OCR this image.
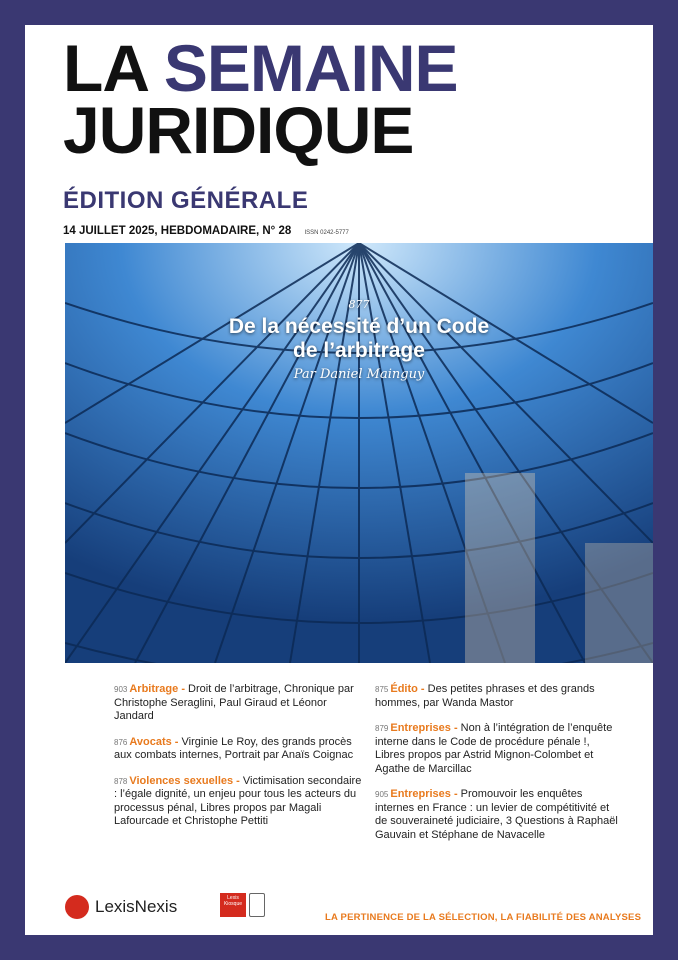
LA SEMAINE
JURIDIQUE
ÉDITION GÉNÉRALE
14 JUILLET 2025, HEBDOMADAIRE, N° 28 ISSN 0242-5777
877
De la nécessité d’un Code
de l’arbitrage
Par Daniel Mainguy
903 Arbitrage - Droit de l’arbitrage, Chronique par Christophe Seraglini, Paul Giraud et Léonor Jandard
876 Avocats - Virginie Le Roy, des grands procès aux combats internes, Portrait par Anaïs Coignac
878 Violences sexuelles - Victimisation secondaire : l’égale dignité, un enjeu pour tous les acteurs du processus pénal, Libres propos par Magali Lafourcade et Christophe Pettiti
875 Édito - Des petites phrases et des grands hommes, par Wanda Mastor
879 Entreprises - Non à l’intégration de l’enquête interne dans le Code de procédure pénale !, Libres propos par Astrid Mignon-Colombet et Agathe de Marcillac
905 Entreprises - Promouvoir les enquêtes internes en France : un levier de compétitivité et de souveraineté judiciaire, 3 Questions à Raphaël Gauvain et Stéphane de Navacelle
LexisNexis	Lexis Kiosque
LA PERTINENCE DE LA SÉLECTION, LA FIABILITÉ DES ANALYSES
